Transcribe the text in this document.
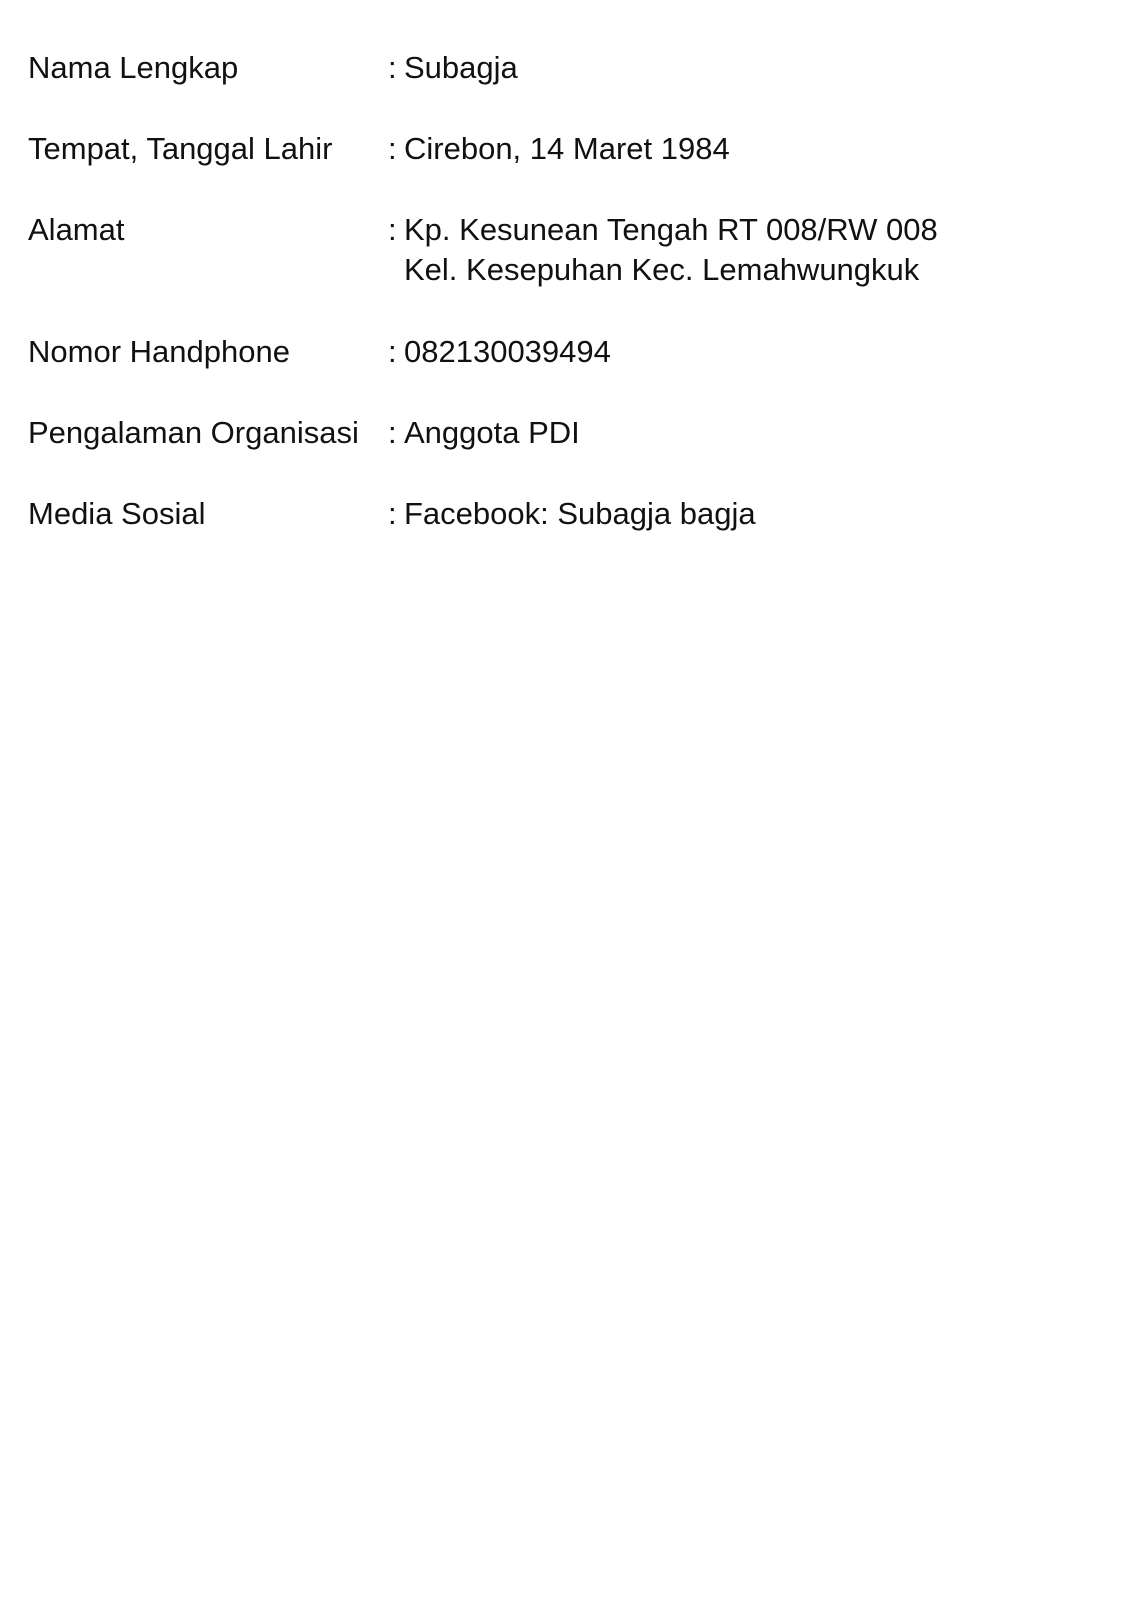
Nama Lengkap	: Subagja
Tempat, Tanggal Lahir : Cirebon, 14 Maret 1984
Alamat	: Kp. Kesunean Tengah RT 008/RW 008
Kel. Kesepuhan Kec. Lemahwungkuk
Nomor Handphone	: 082130039494
Pengalaman Organisasi : Anggota PDI
Media Sosial	: Facebook: Subagja bagja
